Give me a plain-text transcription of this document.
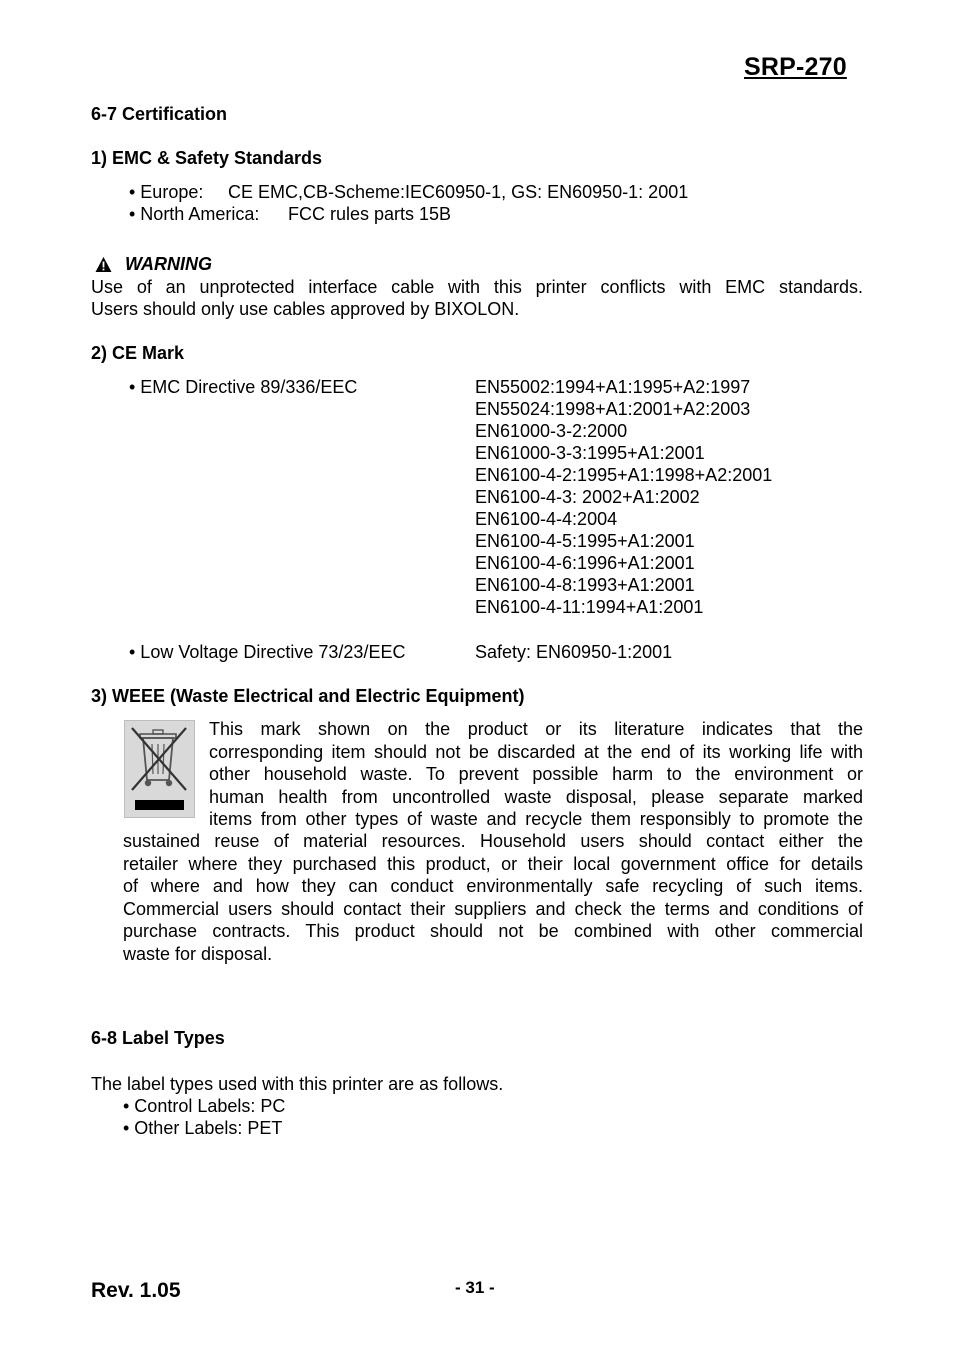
SRP-270
6-7 Certification
1) EMC & Safety Standards
• Europe: CE EMC,CB-Scheme:IEC60950-1, GS: EN60950-1: 2001
• North America: FCC rules parts 15B
WARNING
Use of an unprotected interface cable with this printer conflicts with EMC standards.
Users should only use cables approved by BIXOLON.
2) CE Mark
• EMC Directive 89/336/EEC	EN55002:1994+A1:1995+A2:1997
EN55024:1998+A1:2001+A2:2003
EN61000-3-2:2000
EN61000-3-3:1995+A1:2001
EN6100-4-2:1995+A1:1998+A2:2001
EN6100-4-3: 2002+A1:2002
EN6100-4-4:2004
EN6100-4-5:1995+A1:2001
EN6100-4-6:1996+A1:2001
EN6100-4-8:1993+A1:2001
EN6100-4-11:1994+A1:2001
• Low Voltage Directive 73/23/EEC	Safety: EN60950-1:2001
3) WEEE (Waste Electrical and Electric Equipment)
This mark shown on the product or its literature indicates that the
corresponding item should not be discarded at the end of its working life with
other household waste. To prevent possible harm to the environment or
human health from uncontrolled waste disposal, please separate marked
items from other types of waste and recycle them responsibly to promote the
sustained reuse of material resources. Household users should contact either the
retailer where they purchased this product, or their local government office for details
of where and how they can conduct environmentally safe recycling of such items.
Commercial users should contact their suppliers and check the terms and conditions of
purchase contracts. This product should not be combined with other commercial
waste for disposal.
6-8 Label Types
The label types used with this printer are as follows.
• Control Labels: PC
• Other Labels: PET
Rev. 1.05	- 31 -
